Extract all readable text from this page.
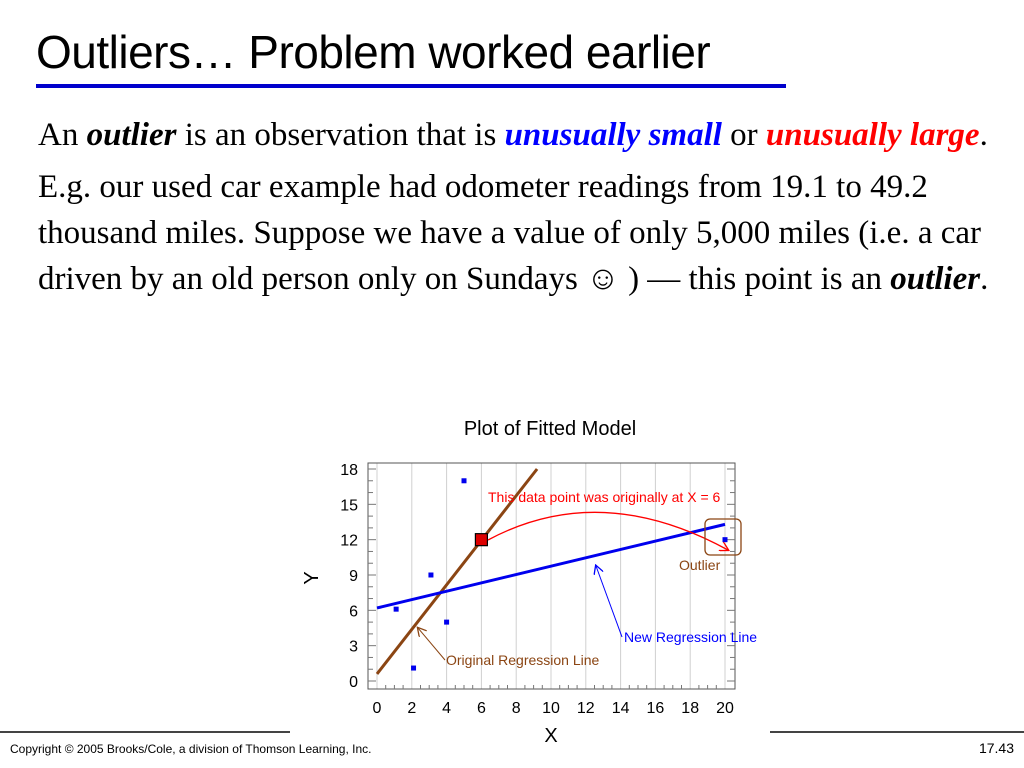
Outliers… Problem worked earlier

An outlier is an observation that is unusually small or unusually large.

E.g. our used car example had odometer readings from 19.1 to 49.2 thousand miles. Suppose we have a value of only 5,000 miles (i.e. a car driven by an old person only on Sundays ☺ ) — this point is an outlier.

Plot of Fitted Model
0 2 4 6 8 10 12 14 16 18 20
0
3
6
9
12
15
18
X
Y
This data point was originally at X = 6
Outlier
New Regression Line
Original Regression Line
Copyright © 2005 Brooks/Cole, a division of Thomson Learning, Inc.	17.43
